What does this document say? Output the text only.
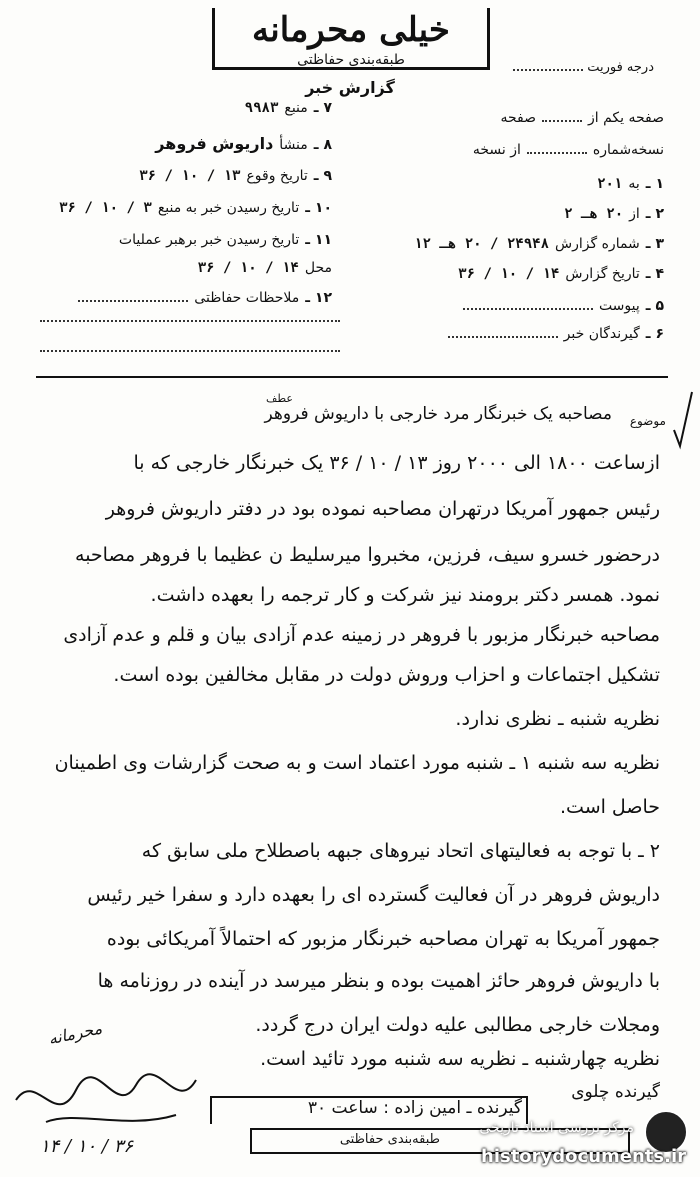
خیلی محرمانه
طبقه‌بندی حفاظتی
گزارش خبر
درجه فوریت
۷ ـ
منبع
۹۹۸۳
۸ ـ
منشأ
داریوش فروهر
۹ ـ
تاریخ وقوع
۱۳ / ۱۰ / ۳۶
۱۰ ـ
تاریخ رسیدن خبر به منبع
۳ / ۱۰ / ۳۶
۱۱ ـ
تاریخ رسیدن خبر برهبر عملیات
محل
۱۴ / ۱۰ / ۳۶
۱۲ ـ
ملاحظات حفاظتی
صفحه یکم از
صفحه
نسخه‌شماره
از نسخه
۱ ـ
به
۲۰۱
۲ ـ
از
۲۰ هـ ۲
۳ ـ
شماره گزارش
۲۴۹۴۸ / ۲۰ هـ ۱۲
۴ ـ
تاریخ گزارش
۱۴ / ۱۰ / ۳۶
۵ ـ
پیوست
۶ ـ
گیرندگان خبر
موضوع
مصاحبه یک خبرنگار مرد خارجی با داریوش فروهر
عطف
ازساعت ۱۸۰۰ الی ۲۰۰۰ روز ۱۳ / ۱۰ / ۳۶ یک خبرنگار خارجی که با
رئیس جمهور آمریکا درتهران مصاحبه نموده بود در دفتر داریوش فروهر
درحضور خسرو سیف، فرزین، مخبروا میرسلیط ن عظیما با فروهر مصاحبه
نمود. همسر دکتر برومند نیز شرکت و کار ترجمه را بعهده داشت.
مصاحبه خبرنگار مزبور با فروهر در زمینه عدم آزادی بیان و قلم و عدم آزادی
تشکیل اجتماعات و احزاب وروش دولت در مقابل مخالفین بوده است.
نظریه شنبه ـ نظری ندارد.
نظریه سه شنبه ۱ ـ شنبه مورد اعتماد است و به صحت گزارشات وی اطمینان
حاصل است.
۲ ـ با توجه به فعالیتهای اتحاد نیروهای جبهه باصطلاح ملی سابق که
داریوش فروهر در آن فعالیت گسترده ای را بعهده دارد و سفرا خیر رئیس
جمهور آمریکا به تهران مصاحبه خبرنگار مزبور که احتمالاً آمریکائی بوده
با داریوش فروهر حائز اهمیت بوده و بنظر میرسد در آینده در روزنامه ها
ومجلات خارجی مطالبی علیه دولت ایران درج گردد.
نظریه چهارشنبه ـ نظریه سه شنبه مورد تائید است.
گیرنده چلوی
گیرنده ـ امین زاده : ساعت ۳۰
طبقه‌بندی حفاظتی
محرمانه
۱۴ / ۱۰ / ۳۶
مرکز بررسی اسناد تاریخی
historydocuments.ir
